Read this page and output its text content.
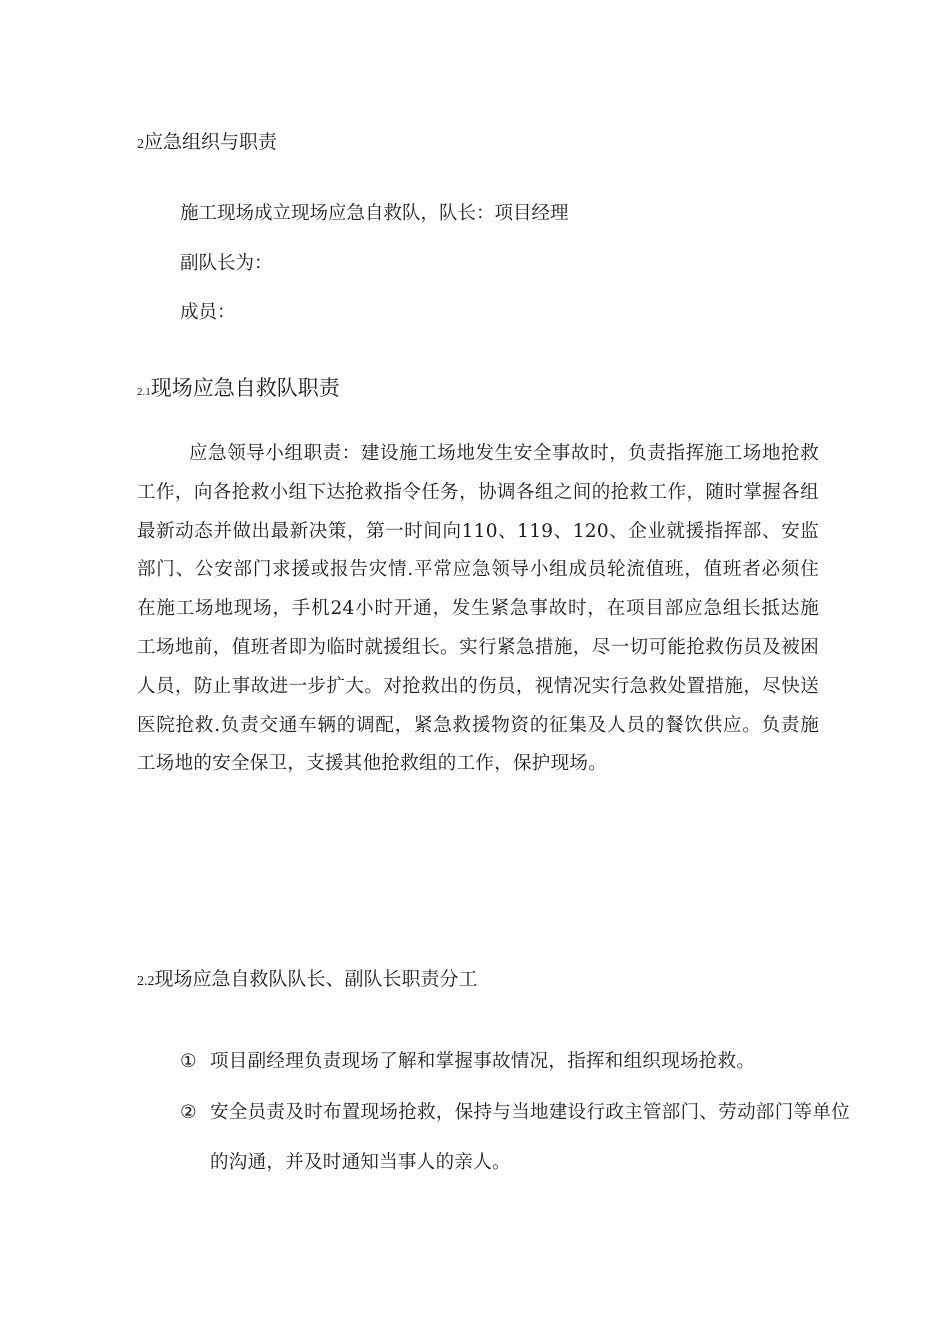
2应急组织与职责
施工现场成立现场应急自救队，队长：项目经理
副队长为：
成员：
2.1现场应急自救队职责
应急领导小组职责：建设施工场地发生安全事故时，负责指挥施工场地抢救工作，向各抢救小组下达抢救指令任务，协调各组之间的抢救工作，随时掌握各组最新动态并做出最新决策，第一时间向110、119、120、企业就援指挥部、安监部门、公安部门求援或报告灾情.平常应急领导小组成员轮流值班，值班者必须住在施工场地现场，手机24小时开通，发生紧急事故时，在项目部应急组长抵达施工场地前，值班者即为临时就援组长。实行紧急措施，尽一切可能抢救伤员及被困人员，防止事故进一步扩大。对抢救出的伤员，视情况实行急救处置措施，尽快送医院抢救.负责交通车辆的调配，紧急救援物资的征集及人员的餐饮供应。负责施工场地的安全保卫，支援其他抢救组的工作，保护现场。
2.2现场应急自救队队长、副队长职责分工
① 项目副经理负责现场了解和掌握事故情况，指挥和组织现场抢救。
② 安全员责及时布置现场抢救，保持与当地建设行政主管部门、劳动部门等单位的沟通，并及时通知当事人的亲人。
